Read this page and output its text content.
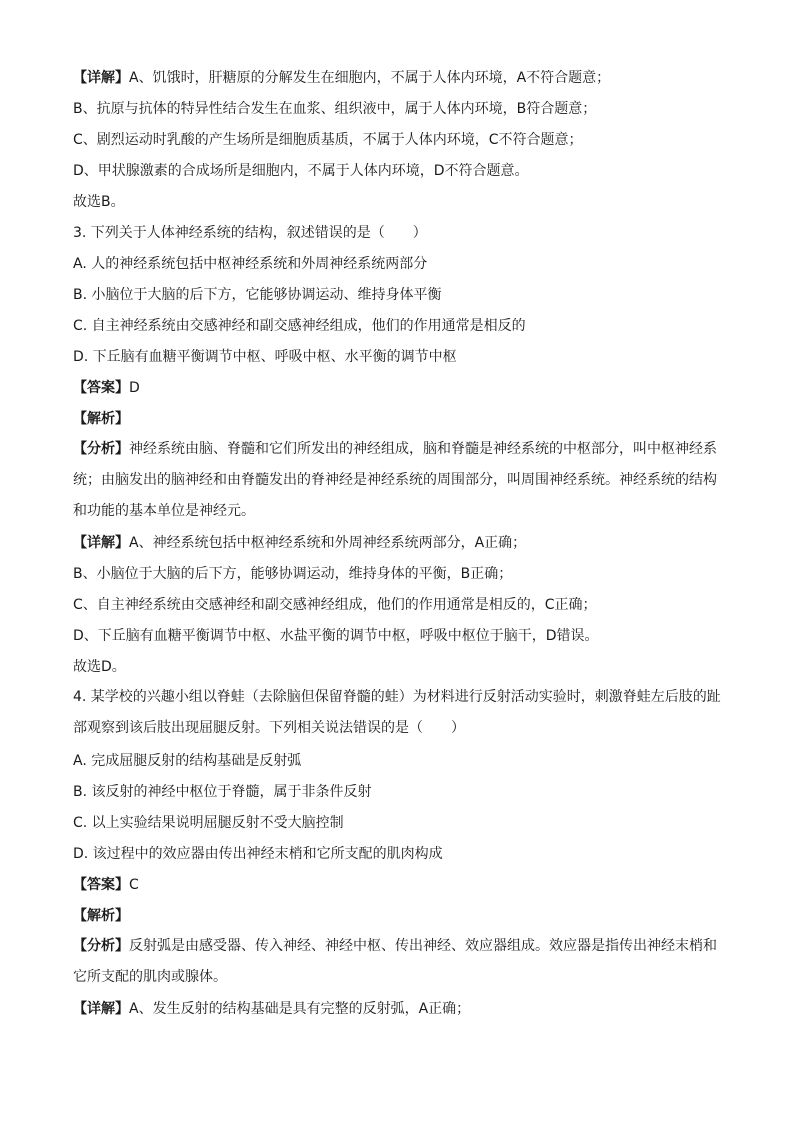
【详解】A、饥饿时，肝糖原的分解发生在细胞内，不属于人体内环境，A不符合题意；
B、抗原与抗体的特异性结合发生在血浆、组织液中，属于人体内环境，B符合题意；
C、剧烈运动时乳酸的产生场所是细胞质基质，不属于人体内环境，C不符合题意；
D、甲状腺激素的合成场所是细胞内，不属于人体内环境，D不符合题意。
故选B。
3. 下列关于人体神经系统的结构，叙述错误的是（　　）
A. 人的神经系统包括中枢神经系统和外周神经系统两部分
B. 小脑位于大脑的后下方，它能够协调运动、维持身体平衡
C. 自主神经系统由交感神经和副交感神经组成，他们的作用通常是相反的
D. 下丘脑有血糖平衡调节中枢、呼吸中枢、水平衡的调节中枢
【答案】D
【解析】
【分析】神经系统由脑、脊髓和它们所发出的神经组成，脑和脊髓是神经系统的中枢部分，叫中枢神经系统；由脑发出的脑神经和由脊髓发出的脊神经是神经系统的周围部分，叫周围神经系统。神经系统的结构和功能的基本单位是神经元。
【详解】A、神经系统包括中枢神经系统和外周神经系统两部分，A正确；
B、小脑位于大脑的后下方，能够协调运动，维持身体的平衡，B正确；
C、自主神经系统由交感神经和副交感神经组成，他们的作用通常是相反的，C正确；
D、下丘脑有血糖平衡调节中枢、水盐平衡的调节中枢，呼吸中枢位于脑干，D错误。
故选D。
4. 某学校的兴趣小组以脊蛙（去除脑但保留脊髓的蛙）为材料进行反射活动实验时，刺激脊蛙左后肢的趾部观察到该后肢出现屈腿反射。下列相关说法错误的是（　　）
A. 完成屈腿反射的结构基础是反射弧
B. 该反射的神经中枢位于脊髓，属于非条件反射
C. 以上实验结果说明屈腿反射不受大脑控制
D. 该过程中的效应器由传出神经末梢和它所支配的肌肉构成
【答案】C
【解析】
【分析】反射弧是由感受器、传入神经、神经中枢、传出神经、效应器组成。效应器是指传出神经末梢和它所支配的肌肉或腺体。
【详解】A、发生反射的结构基础是具有完整的反射弧，A正确；
